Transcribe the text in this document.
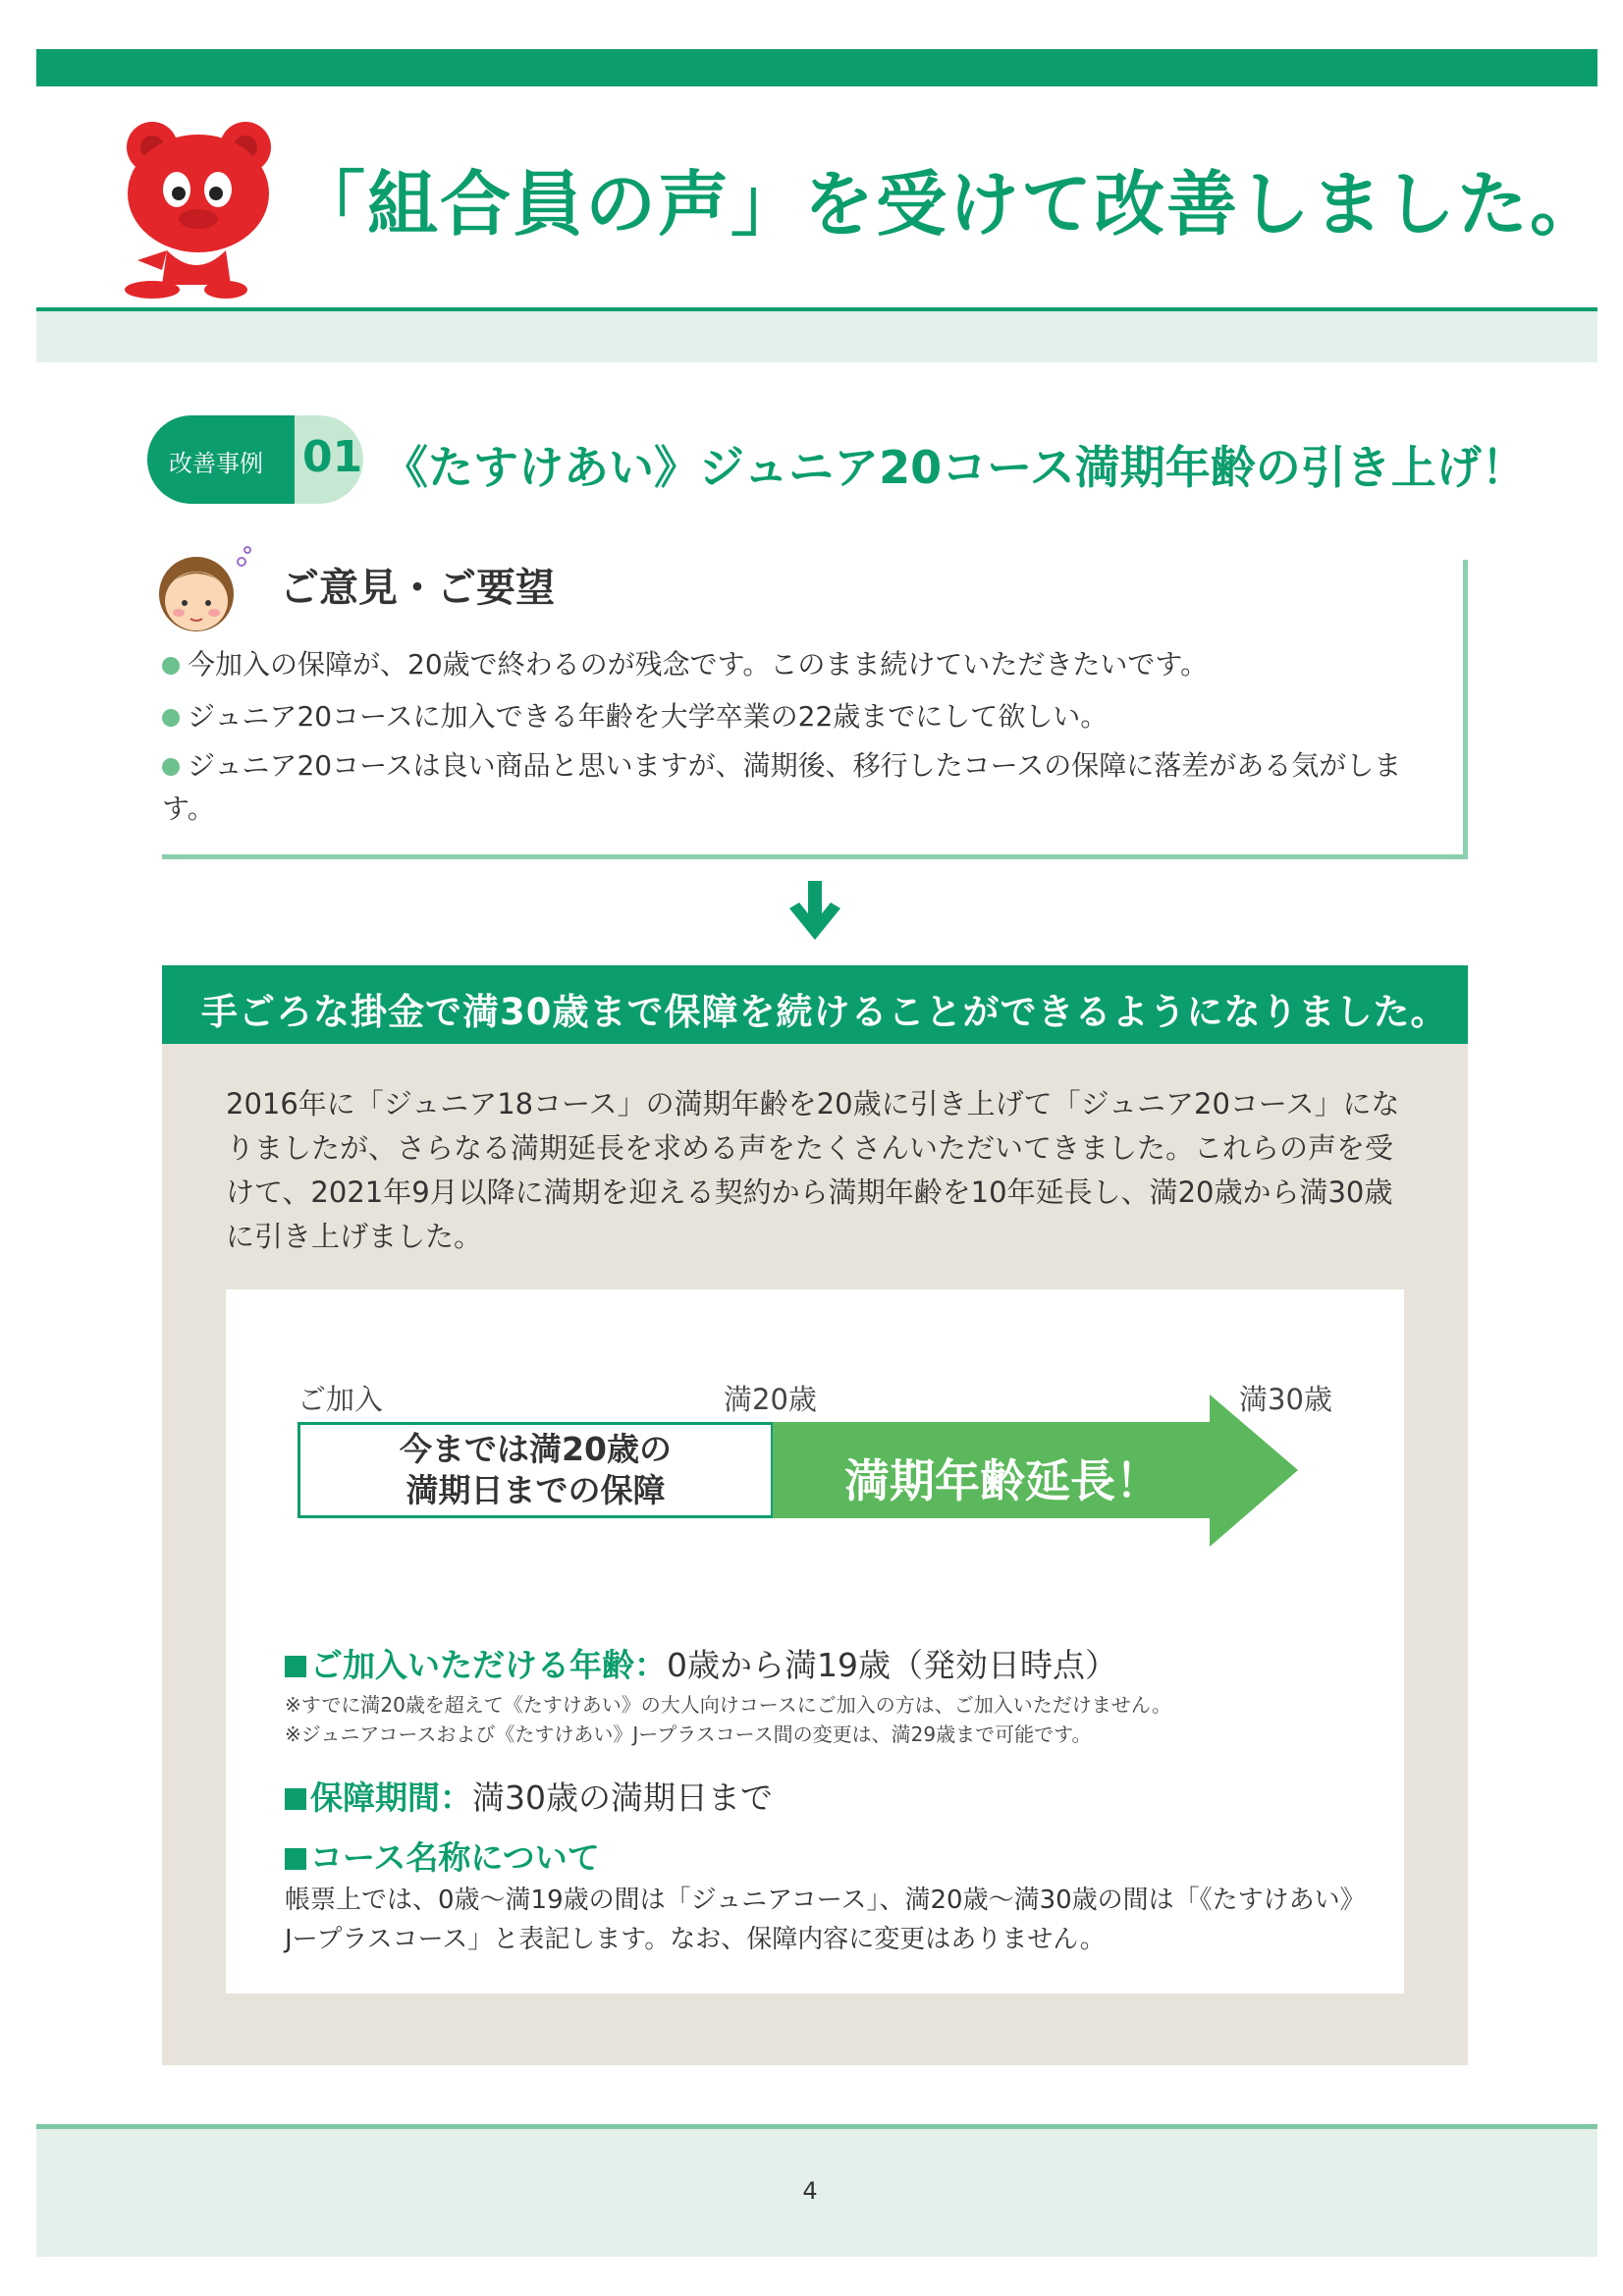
「組合員の声」を受けて改善しました。
改善事例 01 《たすけあい》ジュニア20コース満期年齢の引き上げ！
ご意見・ご要望
今加入の保障が、20歳で終わるのが残念です。このまま続けていただきたいです。
ジュニア20コースに加入できる年齢を大学卒業の22歳までにして欲しい。
ジュニア20コースは良い商品と思いますが、満期後、移行したコースの保障に落差がある気がします。
手ごろな掛金で満30歳まで保障を続けることができるようになりました。
2016年に「ジュニア18コース」の満期年齢を20歳に引き上げて「ジュニア20コース」になりましたが、さらなる満期延長を求める声をたくさんいただいてきました。これらの声を受けて、2021年9月以降に満期を迎える契約から満期年齢を10年延長し、満20歳から満30歳に引き上げました。
ご加入	満20歳	満30歳
今までは満20歳の
満期日までの保障	満期年齢延長！
ご加入いただける年齢：0歳から満19歳（発効日時点）
※すでに満20歳を超えて《たすけあい》の大人向けコースにご加入の方は、ご加入いただけません。
※ジュニアコースおよび《たすけあい》Jープラスコース間の変更は、満29歳まで可能です。
保障期間：満30歳の満期日まで
コース名称について
帳票上では、0歳～満19歳の間は「ジュニアコース」、満20歳～満30歳の間は「《たすけあい》Jープラスコース」と表記します。なお、保障内容に変更はありません。
4
